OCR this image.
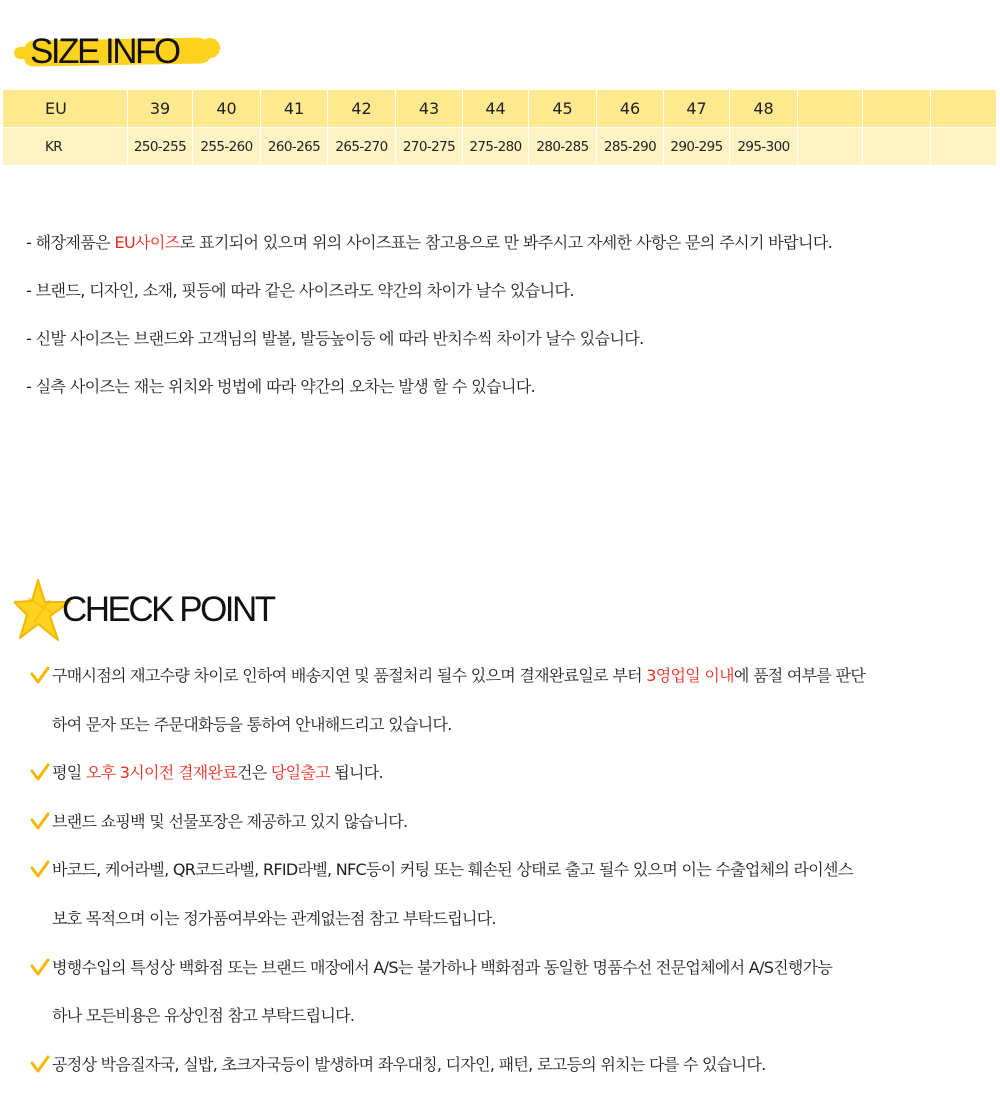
SIZE INFO
EU	39	40	41	42	43	44	45	46	47	48			
KR	250-255	255-260	260-265	265-270	270-275	275-280	280-285	285-290	290-295	295-300			
- 해장제품은 EU사이즈로 표기되어 있으며 위의 사이즈표는 참고용으로 만 봐주시고 자세한 사항은 문의 주시기 바랍니다.
- 브랜드, 디자인, 소재, 핏등에 따라 같은 사이즈라도 약간의 차이가 날수 있습니다.
- 신발 사이즈는 브랜드와 고객님의 발볼, 발등높이등 에 따라 반치수씩 차이가 날수 있습니다.
- 실측 사이즈는 재는 위치와 벙법에 따라 약간의 오차는 발생 할 수 있습니다.
CHECK POINT
구매시점의 재고수량 차이로 인하여 배송지연 및 품절처리 될수 있으며 결재완료일로 부터 3영업일 이내에 품절 여부를 판단
하여 문자 또는 주문대화등을 통하여 안내해드리고 있습니다.
평일 오후 3시이전 결재완료건은 당일출고 됩니다.
브랜드 쇼핑백 및 선물포장은 제공하고 있지 않습니다.
바코드, 케어라벨, QR코드라벨, RFID라벨, NFC등이 커팅 또는 훼손된 상태로 출고 될수 있으며 이는 수출업체의 라이센스
보호 목적으며 이는 정가품여부와는 관계없는점 참고 부탁드립니다.
병행수입의 특성상 백화점 또는 브랜드 매장에서 A/S는 불가하나 백화점과 동일한 명품수선 전문업체에서 A/S진행가능
하나 모든비용은 유상인점 참고 부탁드립니다.
공정상 박음질자국, 실밥, 초크자국등이 발생하며 좌우대칭, 디자인, 패턴, 로고등의 위치는 다를 수 있습니다.
